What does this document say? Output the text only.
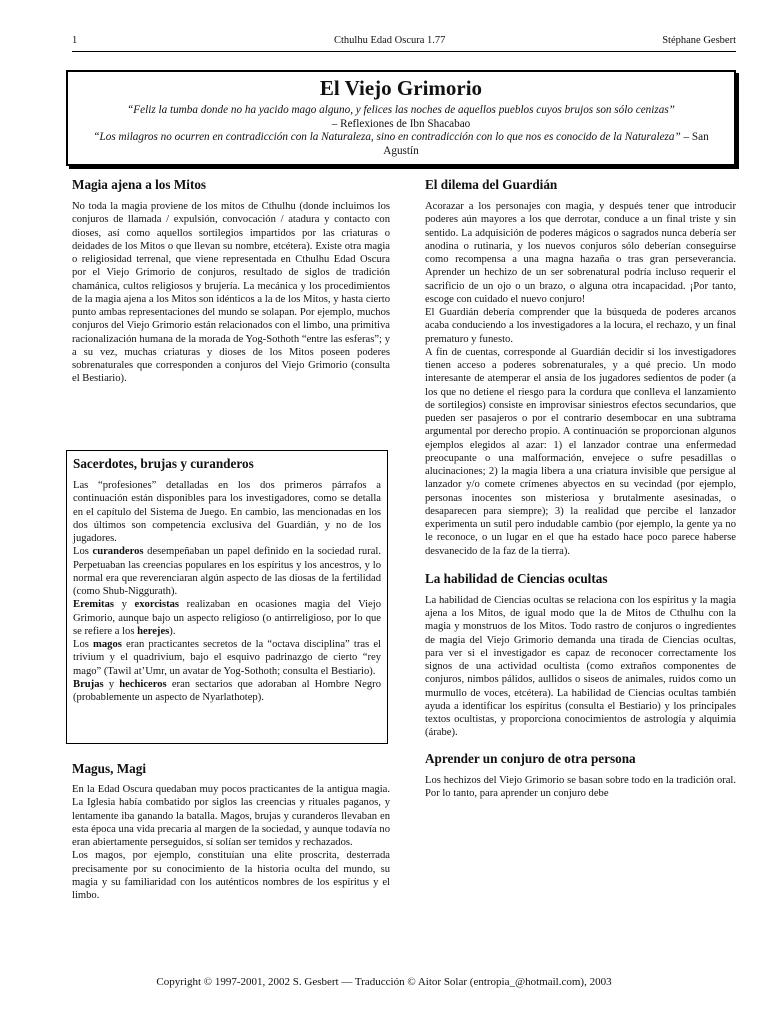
1	Cthulhu Edad Oscura 1.77	Stéphane Gesbert
El Viejo Grimorio
“Feliz la tumba donde no ha yacido mago alguno, y felices las noches de aquellos pueblos cuyos brujos son sólo cenizas”
– Reflexiones de Ibn Shacabao
“Los milagros no ocurren en contradicción con la Naturaleza, sino en contradicción con lo que nos es conocido de la Naturaleza” – San Agustín
Magia ajena a los Mitos

No toda la magia proviene de los mitos de Cthulhu (donde incluimos los conjuros de llamada / expulsión, convocación / atadura y contacto con dioses, así como aquellos sortilegios impartidos por las criaturas o deidades de los Mitos o que llevan su nombre, etcétera). Existe otra magia o religiosidad terrenal, que viene representada en Cthulhu Edad Oscura por el Viejo Grimorio de conjuros, resultado de siglos de tradición chamánica, cultos religiosos y brujería. La mecánica y los procedimientos de la magia ajena a los Mitos son idénticos a la de los Mitos, y hasta cierto punto ambas representaciones del mundo se solapan. Por ejemplo, muchos conjuros del Viejo Grimorio están relacionados con el limbo, una primitiva racionalización humana de la morada de Yog-Sothoth “entre las esferas”; y a su vez, muchas criaturas y dioses de los Mitos poseen poderes sobrenaturales que corresponden a conjuros del Viejo Grimorio (consulta el Bestiario).

Sacerdotes, brujas y curanderos

Las “profesiones” detalladas en los dos primeros párrafos a continuación están disponibles para los investigadores, como se detalla en el capítulo del Sistema de Juego. En cambio, las mencionadas en los dos últimos son competencia exclusiva del Guardián, y no de los jugadores.

Los curanderos desempeñaban un papel definido en la sociedad rural. Perpetuaban las creencias populares en los espíritus y los ancestros, y lo normal era que reverenciaran algún aspecto de las diosas de la fertilidad (como Shub-Niggurath).

Eremitas y exorcistas realizaban en ocasiones magia del Viejo Grimorio, aunque bajo un aspecto religioso (o antirreligioso, por lo que se refiere a los herejes).

Los magos eran practicantes secretos de la “octava disciplina” tras el trivium y el quadrivium, bajo el esquivo padrinazgo de cierto “rey mago” (Tawil at’Umr, un avatar de Yog-Sothoth; consulta el Bestiario).

Brujas y hechiceros eran sectarios que adoraban al Hombre Negro (probablemente un aspecto de Nyarlathotep).

Magus, Magi

En la Edad Oscura quedaban muy pocos practicantes de la antigua magia. La Iglesia había combatido por siglos las creencias y rituales paganos, y lentamente iba ganando la batalla. Magos, brujas y curanderos llevaban en esta época una vida precaria al margen de la sociedad, y aunque todavía no eran abiertamente perseguidos, sí solían ser temidos y rechazados.

Los magos, por ejemplo, constituían una elite proscrita, desterrada precisamente por su conocimiento de la historia oculta del mundo, su magia y su familiaridad con los auténticos nombres de los espíritus y el limbo.

El dilema del Guardián

Acorazar a los personajes con magia, y después tener que introducir poderes aún mayores a los que derrotar, conduce a un final triste y sin sentido. La adquisición de poderes mágicos o sagrados nunca debería ser anodina o rutinaria, y los nuevos conjuros sólo deberían conseguirse como recompensa a una magna hazaña o tras gran perseverancia. Aprender un hechizo de un ser sobrenatural podría incluso requerir el sacrificio de un ojo o un brazo, o alguna otra incapacidad. ¡Por tanto, escoge con cuidado el nuevo conjuro!

El Guardián debería comprender que la búsqueda de poderes arcanos acaba conduciendo a los investigadores a la locura, el rechazo, y un final prematuro y funesto.

A fin de cuentas, corresponde al Guardián decidir si los investigadores tienen acceso a poderes sobrenaturales, y a qué precio. Un modo interesante de atemperar el ansia de los jugadores sedientos de poder (a los que no detiene el riesgo para la cordura que conlleva el lanzamiento de sortilegios) consiste en improvisar siniestros efectos secundarios, que pueden ser pasajeros o por el contrario desembocar en una subtrama argumental por derecho propio. A continuación se proporcionan algunos ejemplos elegidos al azar: 1) el lanzador contrae una enfermedad preocupante o una malformación, envejece o sufre pesadillas o alucinaciones; 2) la magia libera a una criatura invisible que persigue al lanzador y/o comete crímenes abyectos en su vecindad (por ejemplo, personas inocentes son misteriosa y brutalmente asesinadas, o desaparecen para siempre); 3) la realidad que percibe el lanzador experimenta un sutil pero indudable cambio (por ejemplo, la gente ya no le reconoce, o un lugar en el que ha estado hace poco parece haberse desvanecido de la faz de la tierra).

La habilidad de Ciencias ocultas

La habilidad de Ciencias ocultas se relaciona con los espíritus y la magia ajena a los Mitos, de igual modo que la de Mitos de Cthulhu con la magia y monstruos de los Mitos. Todo rastro de conjuros o ingredientes de magia del Viejo Grimorio demanda una tirada de Ciencias ocultas, para ver si el investigador es capaz de reconocer correctamente los signos de una actividad ocultista (como extraños componentes de conjuros, nimbos pálidos, aullidos o siseos de animales, ruidos como un murmullo de voces, etcétera). La habilidad de Ciencias ocultas también ayuda a identificar los espíritus (consulta el Bestiario) y los principales textos ocultistas, y proporciona conocimientos de astrología y alquimia (árabe).

Aprender un conjuro de otra persona

Los hechizos del Viejo Grimorio se basan sobre todo en la tradición oral. Por lo tanto, para aprender un conjuro debe

Copyright © 1997-2001, 2002 S. Gesbert — Traducción © Aitor Solar (entropia_@hotmail.com), 2003
